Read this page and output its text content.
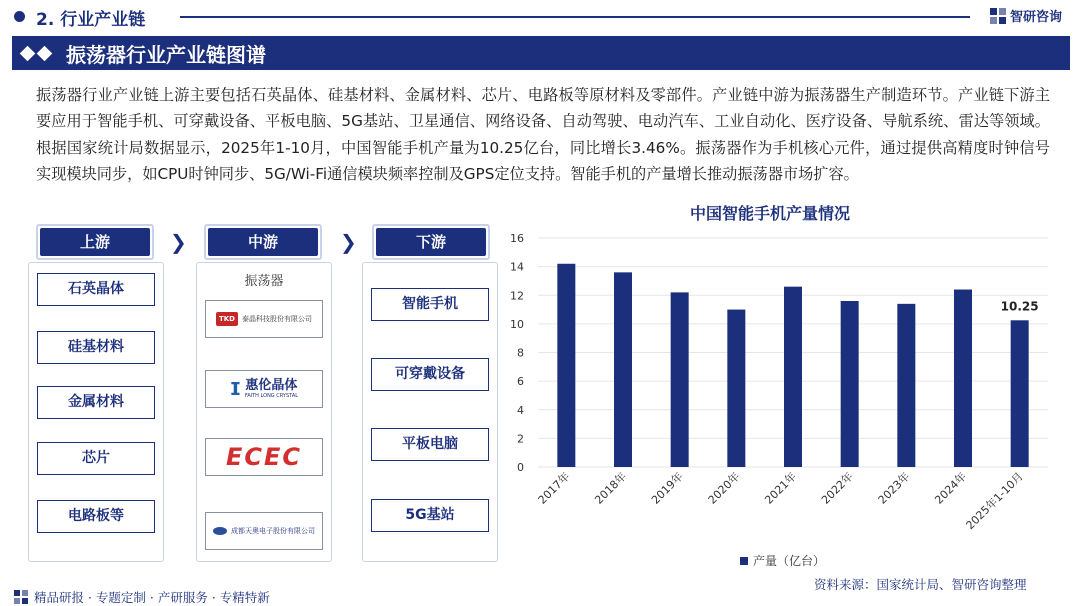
2. 行业产业链	智研咨询
振荡器行业产业链图谱
振荡器行业产业链上游主要包括石英晶体、硅基材料、金属材料、芯片、电路板等原材料及零部件。产业链中游为振荡器生产制造环节。产业链下游主要应用于智能手机、可穿戴设备、平板电脑、5G基站、卫星通信、网络设备、自动驾驶、电动汽车、工业自动化、医疗设备、导航系统、雷达等领域。根据国家统计局数据显示，2025年1-10月，中国智能手机产量为10.25亿台，同比增长3.46%。振荡器作为手机核心元件，通过提供高精度时钟信号实现模块同步，如CPU时钟同步、5G/Wi-Fi通信模块频率控制及GPS定位支持。智能手机的产量增长推动振荡器市场扩容。
上游	❯	中游	❯	下游
石英晶体
硅基材料
金属材料
芯片
电路板等
振荡器
TKD	泰晶科技股份有限公司
ⵊ 惠伦晶体
FAITH LONG CRYSTAL
ECEC
成都天奥电子股份有限公司
智能手机
可穿戴设备
平板电脑
5G基站
中国智能手机产量情况
0
2
4
6
8
10
12
14
16
2017年 2018年 2019年 2020年 2021年 2022年 2023年 2024年
2025年1-10月
10.25
产量（亿台）
资料来源：国家统计局、智研咨询整理
精品研报 · 专题定制 · 产研服务 · 专精特新
